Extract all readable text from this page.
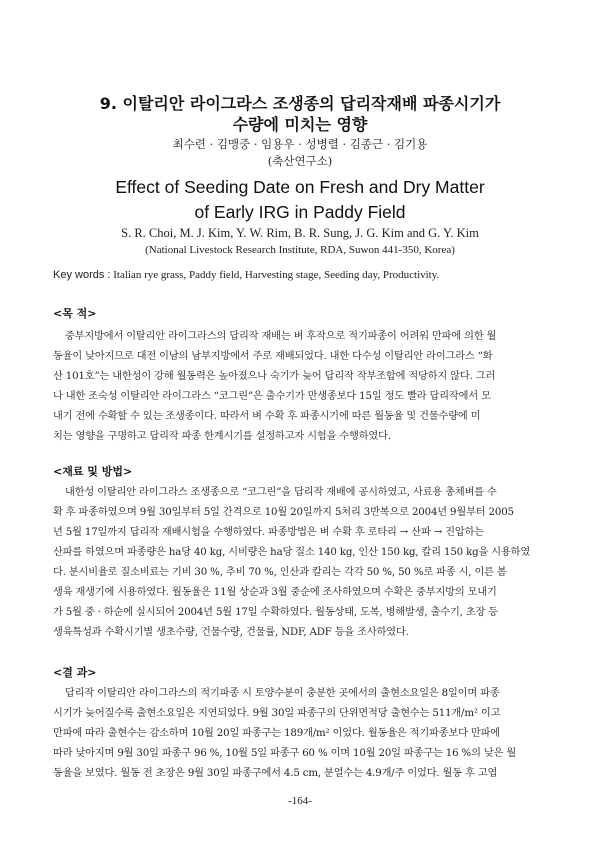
9. 이탈리안 라이그라스 조생종의 답리작재배 파종시기가
수량에 미치는 영향
최수련 · 김맹중 · 임용우 · 성병렬 · 김종근 · 김기용
(축산연구소)
Effect of Seeding Date on Fresh and Dry Matter
of Early IRG in Paddy Field
S. R. Choi, M. J. Kim, Y. W. Rim, B. R. Sung, J. G. Kim and G. Y. Kim
(National Livestock Research Institute, RDA, Suwon 441-350, Korea)
Key words : Italian rye grass, Paddy field, Harvesting stage, Seeding day, Productivity.
<목 적>
중부지방에서 이탈리안 라이그라스의 답리작 재배는 벼 후작으로 적기파종이 어려워 만파에 의한 월
동율이 낮아지므로 대전 이남의 남부지방에서 주로 재배되었다. 내한 다수성 이탈리안 라이그라스 “화
산 101호”는 내한성이 강해 월동력은 높아졌으나 숙기가 늦어 답리작 작부조합에 적당하지 않다. 그러
나 내한 조숙성 이탈리안 라이그라스 “코그린”은 출수기가 만생종보다 15일 정도 빨라 답리작에서 모
내기 전에 수확할 수 있는 조생종이다. 따라서 벼 수확 후 파종시기에 따른 월동율 및 건물수량에 미
치는 영향을 구명하고 답리작 파종 한계시기를 설정하고자 시험을 수행하였다.
<재료 및 방법>
내한성 이탈리안 라이그라스 조생종으로 “코그린”을 답리작 재배에 공시하였고, 사료용 총체벼를 수
확 후 파종하였으며 9월 30일부터 5일 간격으로 10월 20일까지 5처리 3반복으로 2004년 9월부터 2005
년 5월 17일까지 답리작 재배시험을 수행하였다. 파종방법은 벼 수확 후 로타리 → 산파 → 진압하는
산파를 하였으며 파종량은 ha당 40 kg, 시비량은 ha당 질소 140 kg, 인산 150 kg, 칼리 150 kg을 시용하였
다. 분시비율로 질소비료는 기비 30 %, 추비 70 %, 인산과 칼리는 각각 50 %, 50 %로 파종 시, 이른 봄
생육 재생기에 시용하였다. 월동율은 11월 상순과 3월 중순에 조사하였으며 수확은 중부지방의 모내기
가 5월 중 · 하순에 실시되어 2004년 5월 17일 수확하였다. 월동상태, 도복, 병해발생, 출수기, 초장 등
생육특성과 수확시기별 생초수량, 건물수량, 건물률, NDF, ADF 등을 조사하였다.
<결 과>
답리작 이탈리안 라이그라스의 적기파종 시 토양수분이 충분한 곳에서의 출현소요일은 8일이며 파종
시기가 늦어질수록 출현소요일은 지연되었다. 9월 30일 파종구의 단위면적당 출현수는 511개/m² 이고
만파에 따라 출현수는 감소하며 10월 20일 파종구는 189개/m² 이었다. 월동율은 적기파종보다 만파에
따라 낮아지며 9월 30일 파종구 96 %, 10월 5일 파종구 60 % 이며 10월 20일 파종구는 16 %의 낮은 월
동율을 보였다. 월동 전 초장은 9월 30일 파종구에서 4.5 cm, 분얼수는 4.9개/주 이었다. 월동 후 고엽
-164-
